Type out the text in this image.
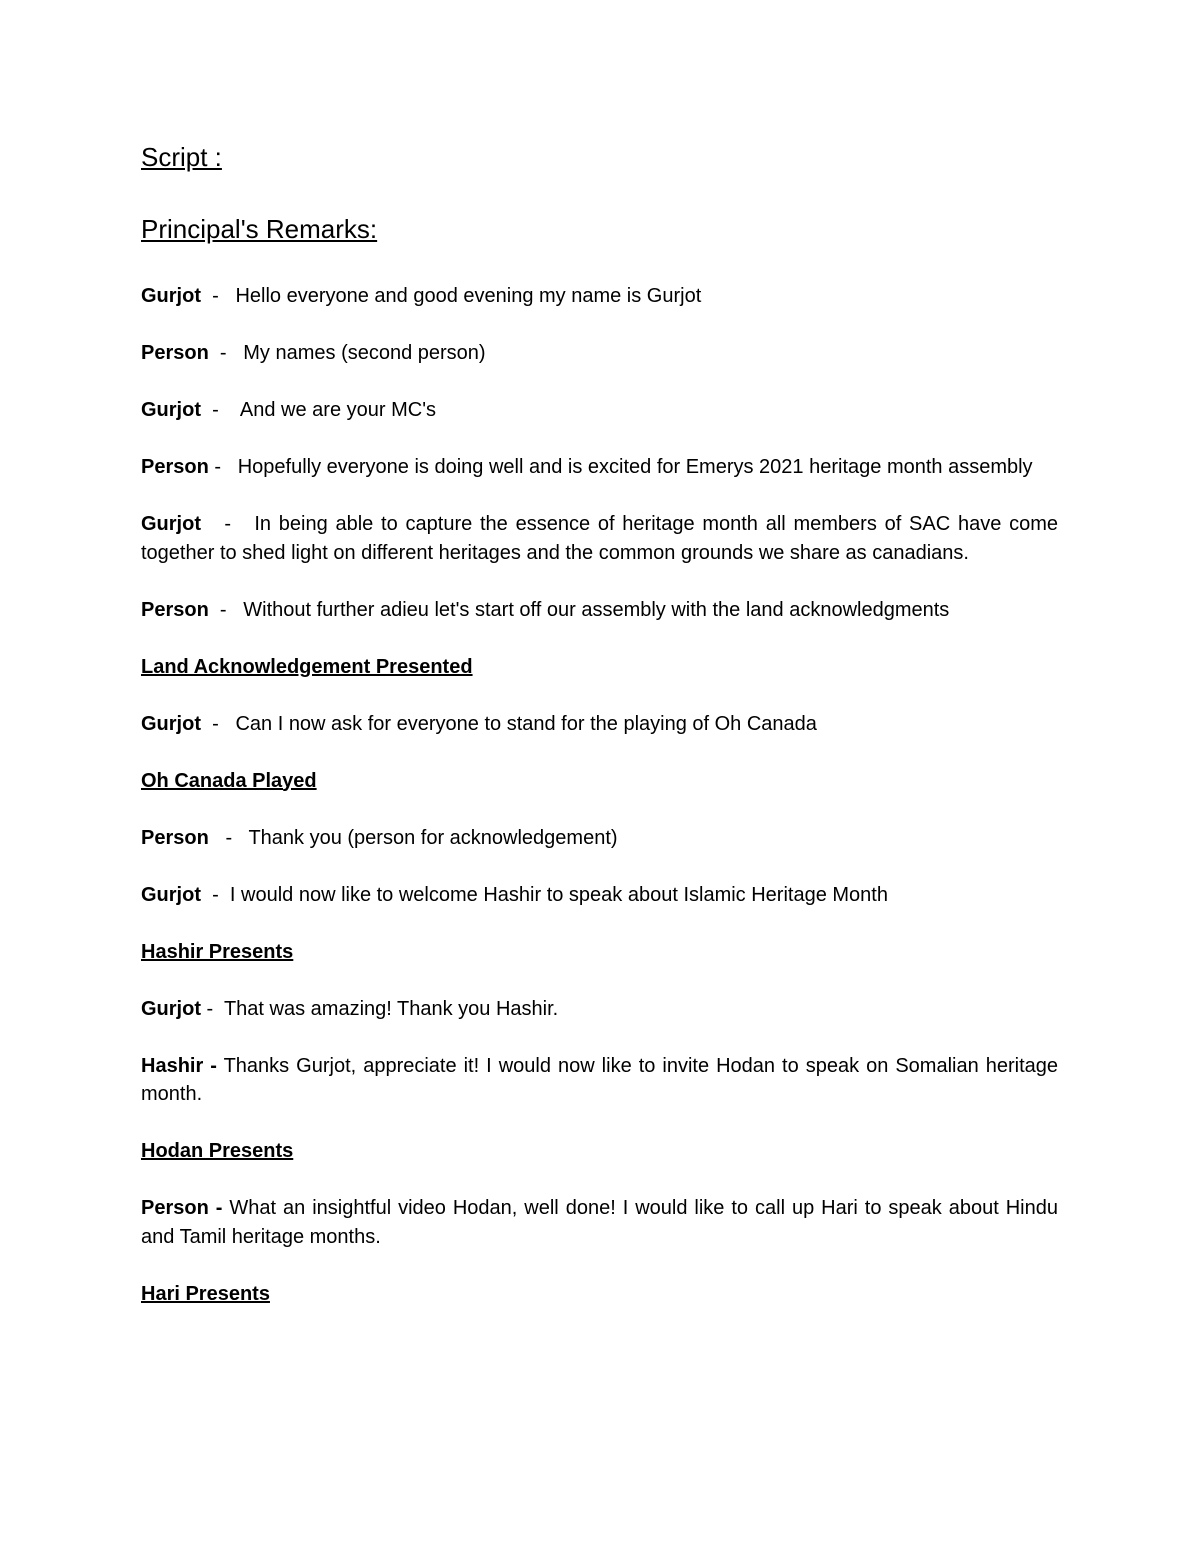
Script :

Principal's Remarks:

Gurjot  -   Hello everyone and good evening my name is Gurjot

Person  -   My names (second person)

Gurjot  -    And we are your MC's

Person -   Hopefully everyone is doing well and is excited for Emerys 2021 heritage month assembly

Gurjot   -   In being able to capture the essence of heritage month all members of SAC have come together to shed light on different heritages and the common grounds we share as canadians.

Person  -   Without further adieu let's start off our assembly with the land acknowledgments

Land Acknowledgement Presented

Gurjot  -   Can I now ask for everyone to stand for the playing of Oh Canada

Oh Canada Played

Person   -   Thank you (person for acknowledgement)

Gurjot  -  I would now like to welcome Hashir to speak about Islamic Heritage Month

Hashir Presents

Gurjot -  That was amazing! Thank you Hashir.

Hashir - Thanks Gurjot, appreciate it! I would now like to invite Hodan to speak on Somalian heritage month.

Hodan Presents

Person - What an insightful video Hodan, well done! I would like to call up Hari to speak about Hindu and Tamil heritage months.

Hari Presents
